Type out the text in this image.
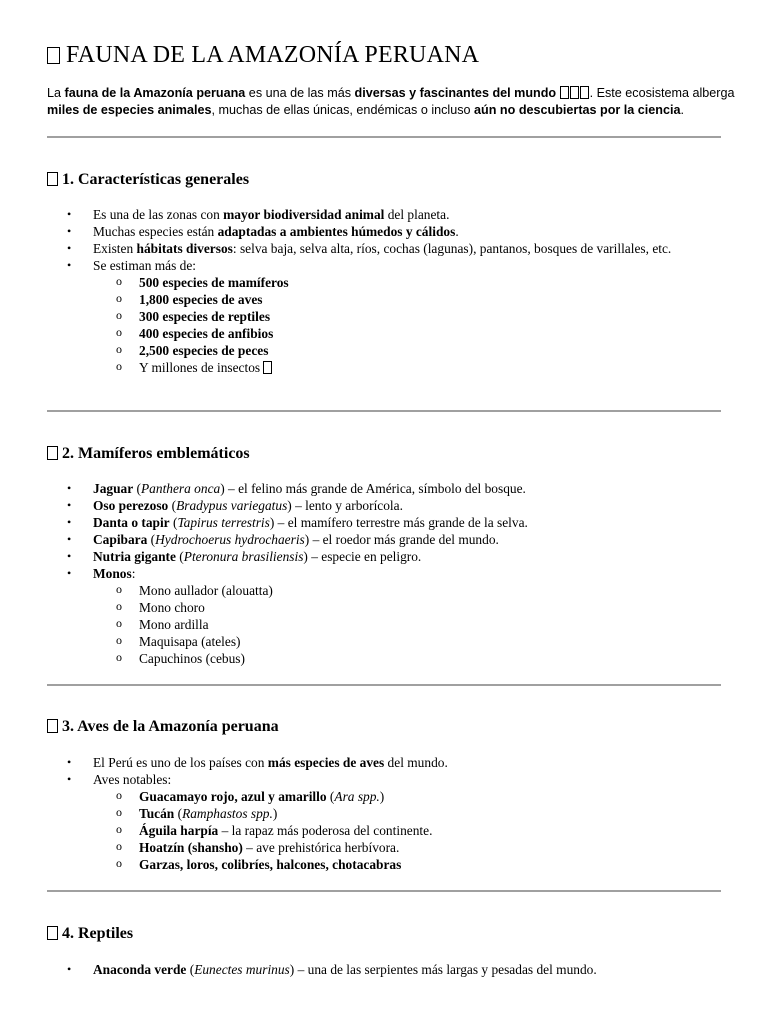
FAUNA DE LA AMAZONÍA PERUANA

La fauna de la Amazonía peruana es una de las más diversas y fascinantes del mundo	. Este ecosistema alberga miles de especies animales, muchas de ellas únicas, endémicas o incluso aún no descubiertas por la ciencia.

1. Características generales
• Es una de las zonas con mayor biodiversidad animal del planeta.
• Muchas especies están adaptadas a ambientes húmedos y cálidos.
• Existen hábitats diversos: selva baja, selva alta, ríos, cochas (lagunas), pantanos, bosques de varillales, etc.
• Se estiman más de:
o 500 especies de mamíferos
o 1,800 especies de aves
o 300 especies de reptiles
o 400 especies de anfibios
o 2,500 especies de peces
o Y millones de insectos
2. Mamíferos emblemáticos
• Jaguar (Panthera onca) – el felino más grande de América, símbolo del bosque.
• Oso perezoso (Bradypus variegatus) – lento y arborícola.
• Danta o tapir (Tapirus terrestris) – el mamífero terrestre más grande de la selva.
• Capibara (Hydrochoerus hydrochaeris) – el roedor más grande del mundo.
• Nutria gigante (Pteronura brasiliensis) – especie en peligro.
• Monos:
o Mono aullador (alouatta)
o Mono choro
o Mono ardilla
o Maquisapa (ateles)
o Capuchinos (cebus)
3. Aves de la Amazonía peruana
• El Perú es uno de los países con más especies de aves del mundo.
• Aves notables:
o Guacamayo rojo, azul y amarillo (Ara spp.)
o Tucán (Ramphastos spp.)
o Águila harpía – la rapaz más poderosa del continente.
o Hoatzín (shansho) – ave prehistórica herbívora.
o Garzas, loros, colibríes, halcones, chotacabras
4. Reptiles
• Anaconda verde (Eunectes murinus) – una de las serpientes más largas y pesadas del mundo.
